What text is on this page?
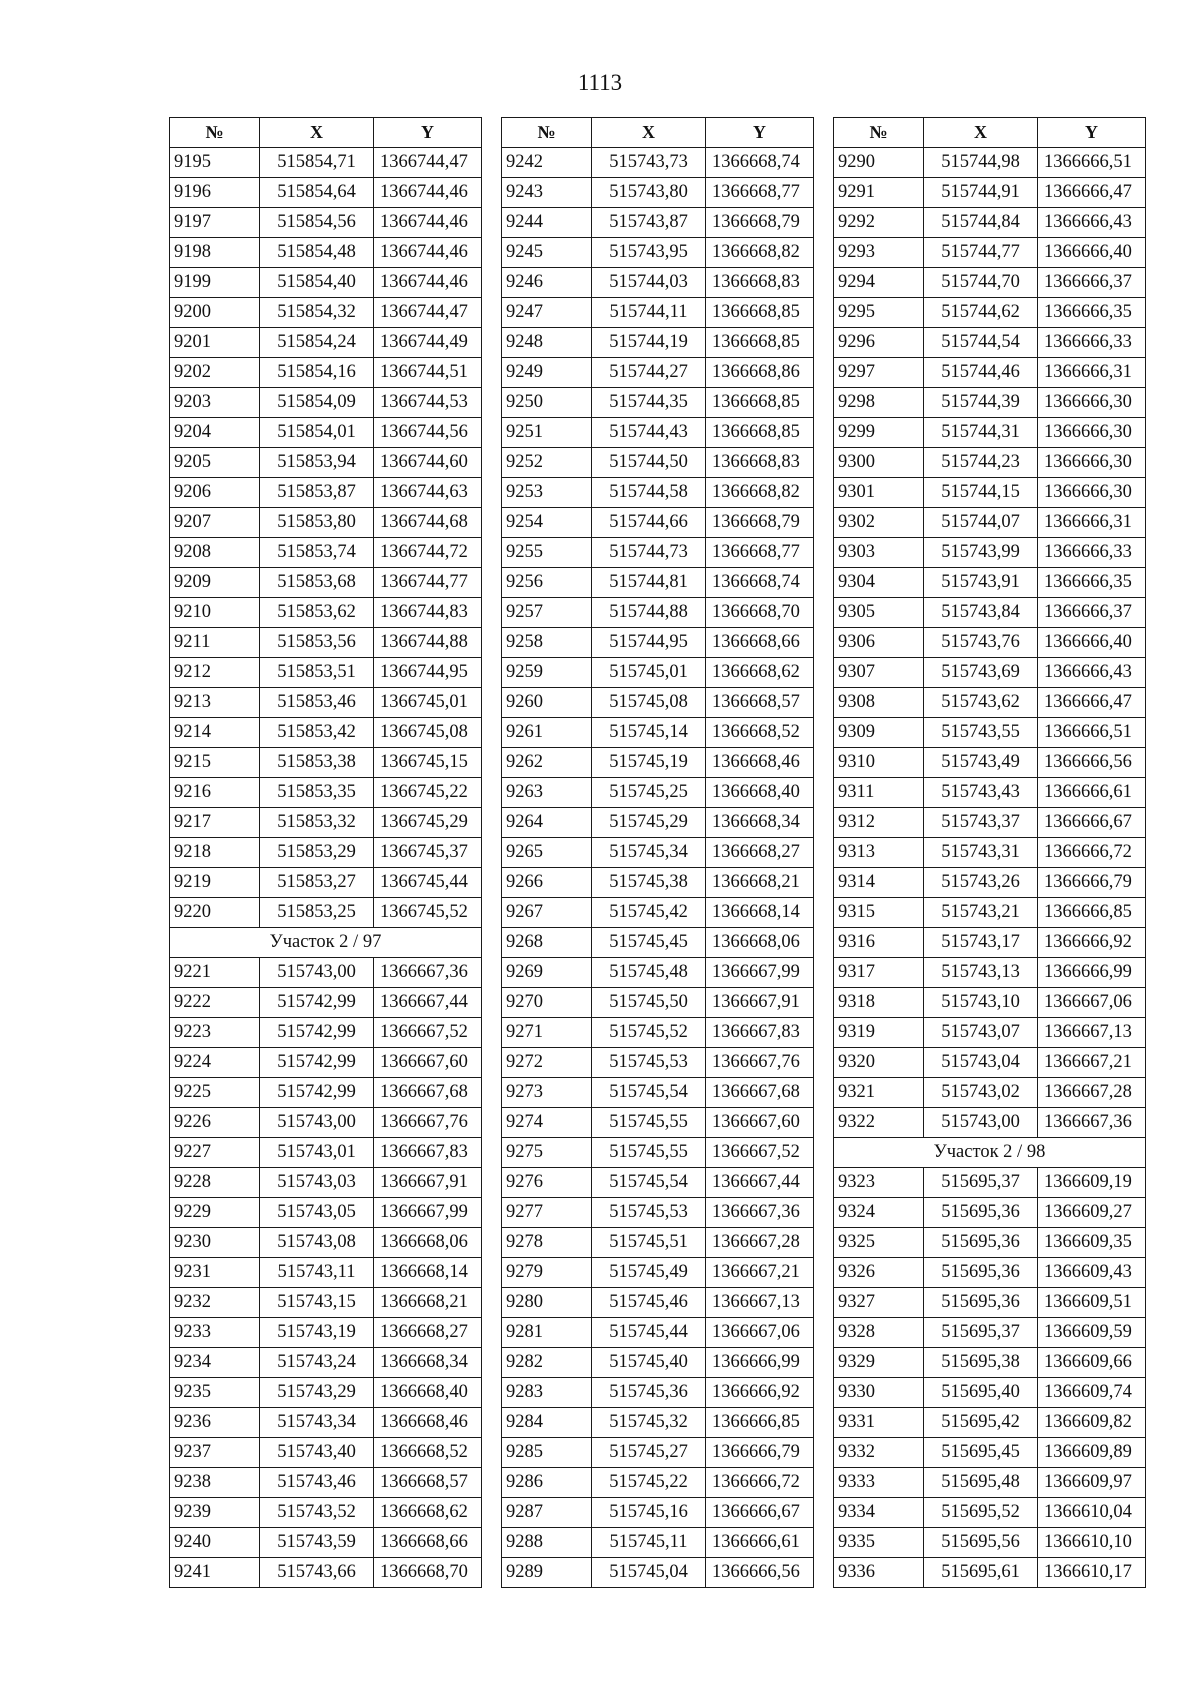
1113
№	X	Y
9195	515854,71	1366744,47
9196	515854,64	1366744,46
9197	515854,56	1366744,46
9198	515854,48	1366744,46
9199	515854,40	1366744,46
9200	515854,32	1366744,47
9201	515854,24	1366744,49
9202	515854,16	1366744,51
9203	515854,09	1366744,53
9204	515854,01	1366744,56
9205	515853,94	1366744,60
9206	515853,87	1366744,63
9207	515853,80	1366744,68
9208	515853,74	1366744,72
9209	515853,68	1366744,77
9210	515853,62	1366744,83
9211	515853,56	1366744,88
9212	515853,51	1366744,95
9213	515853,46	1366745,01
9214	515853,42	1366745,08
9215	515853,38	1366745,15
9216	515853,35	1366745,22
9217	515853,32	1366745,29
9218	515853,29	1366745,37
9219	515853,27	1366745,44
9220	515853,25	1366745,52
Участок 2 / 97		
9221	515743,00	1366667,36
9222	515742,99	1366667,44
9223	515742,99	1366667,52
9224	515742,99	1366667,60
9225	515742,99	1366667,68
9226	515743,00	1366667,76
9227	515743,01	1366667,83
9228	515743,03	1366667,91
9229	515743,05	1366667,99
9230	515743,08	1366668,06
9231	515743,11	1366668,14
9232	515743,15	1366668,21
9233	515743,19	1366668,27
9234	515743,24	1366668,34
9235	515743,29	1366668,40
9236	515743,34	1366668,46
9237	515743,40	1366668,52
9238	515743,46	1366668,57
9239	515743,52	1366668,62
9240	515743,59	1366668,66
9241	515743,66	1366668,70
№	X	Y
9242	515743,73	1366668,74
9243	515743,80	1366668,77
9244	515743,87	1366668,79
9245	515743,95	1366668,82
9246	515744,03	1366668,83
9247	515744,11	1366668,85
9248	515744,19	1366668,85
9249	515744,27	1366668,86
9250	515744,35	1366668,85
9251	515744,43	1366668,85
9252	515744,50	1366668,83
9253	515744,58	1366668,82
9254	515744,66	1366668,79
9255	515744,73	1366668,77
9256	515744,81	1366668,74
9257	515744,88	1366668,70
9258	515744,95	1366668,66
9259	515745,01	1366668,62
9260	515745,08	1366668,57
9261	515745,14	1366668,52
9262	515745,19	1366668,46
9263	515745,25	1366668,40
9264	515745,29	1366668,34
9265	515745,34	1366668,27
9266	515745,38	1366668,21
9267	515745,42	1366668,14
9268	515745,45	1366668,06
9269	515745,48	1366667,99
9270	515745,50	1366667,91
9271	515745,52	1366667,83
9272	515745,53	1366667,76
9273	515745,54	1366667,68
9274	515745,55	1366667,60
9275	515745,55	1366667,52
9276	515745,54	1366667,44
9277	515745,53	1366667,36
9278	515745,51	1366667,28
9279	515745,49	1366667,21
9280	515745,46	1366667,13
9281	515745,44	1366667,06
9282	515745,40	1366666,99
9283	515745,36	1366666,92
9284	515745,32	1366666,85
9285	515745,27	1366666,79
9286	515745,22	1366666,72
9287	515745,16	1366666,67
9288	515745,11	1366666,61
9289	515745,04	1366666,56
№	X	Y
9290	515744,98	1366666,51
9291	515744,91	1366666,47
9292	515744,84	1366666,43
9293	515744,77	1366666,40
9294	515744,70	1366666,37
9295	515744,62	1366666,35
9296	515744,54	1366666,33
9297	515744,46	1366666,31
9298	515744,39	1366666,30
9299	515744,31	1366666,30
9300	515744,23	1366666,30
9301	515744,15	1366666,30
9302	515744,07	1366666,31
9303	515743,99	1366666,33
9304	515743,91	1366666,35
9305	515743,84	1366666,37
9306	515743,76	1366666,40
9307	515743,69	1366666,43
9308	515743,62	1366666,47
9309	515743,55	1366666,51
9310	515743,49	1366666,56
9311	515743,43	1366666,61
9312	515743,37	1366666,67
9313	515743,31	1366666,72
9314	515743,26	1366666,79
9315	515743,21	1366666,85
9316	515743,17	1366666,92
9317	515743,13	1366666,99
9318	515743,10	1366667,06
9319	515743,07	1366667,13
9320	515743,04	1366667,21
9321	515743,02	1366667,28
9322	515743,00	1366667,36
Участок 2 / 98		
9323	515695,37	1366609,19
9324	515695,36	1366609,27
9325	515695,36	1366609,35
9326	515695,36	1366609,43
9327	515695,36	1366609,51
9328	515695,37	1366609,59
9329	515695,38	1366609,66
9330	515695,40	1366609,74
9331	515695,42	1366609,82
9332	515695,45	1366609,89
9333	515695,48	1366609,97
9334	515695,52	1366610,04
9335	515695,56	1366610,10
9336	515695,61	1366610,17
